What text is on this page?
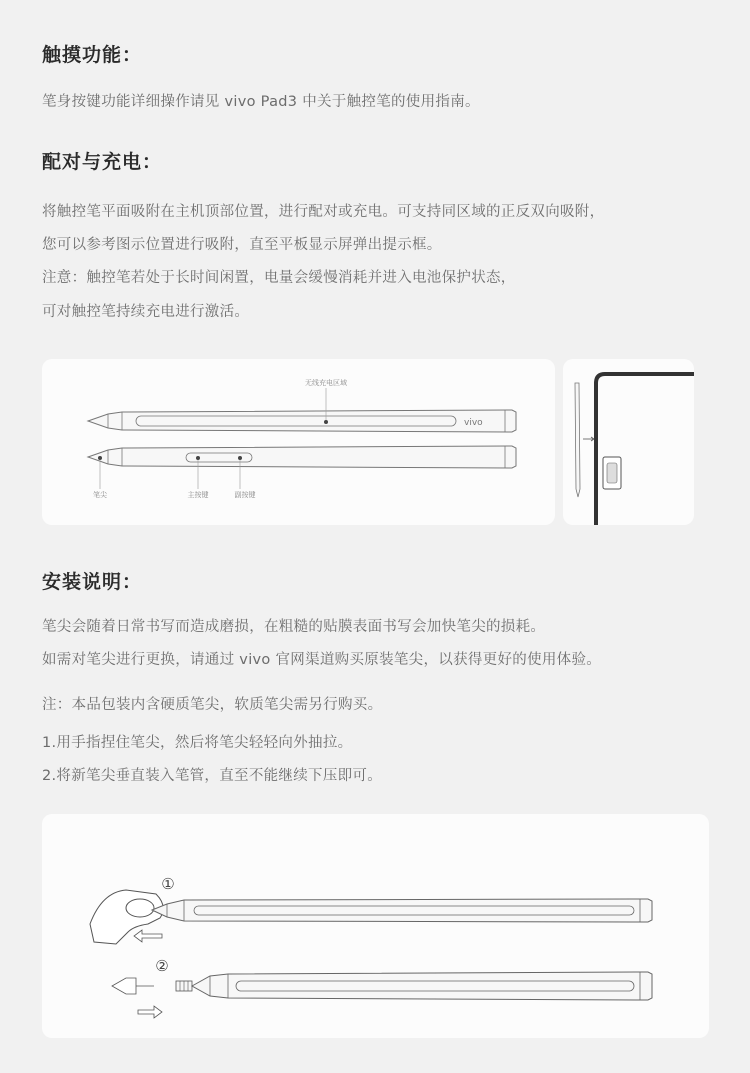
触摸功能：

笔身按键功能详细操作请见 vivo Pad3 中关于触控笔的使用指南。

配对与充电：

将触控笔平面吸附在主机顶部位置，进行配对或充电。可支持同区域的正反双向吸附，

您可以参考图示位置进行吸附，直至平板显示屏弹出提示框。

注意：触控笔若处于长时间闲置，电量会缓慢消耗并进入电池保护状态，

可对触控笔持续充电进行激活。

无线充电区域
vivo
笔尖	主按键	副按键

安装说明：

笔尖会随着日常书写而造成磨损，在粗糙的贴膜表面书写会加快笔尖的损耗。

如需对笔尖进行更换，请通过 vivo 官网渠道购买原装笔尖，以获得更好的使用体验。

注：本品包装内含硬质笔尖，软质笔尖需另行购买。

1.用手指捏住笔尖，然后将笔尖轻轻向外抽拉。

2.将新笔尖垂直装入笔管，直至不能继续下压即可。

①
②
